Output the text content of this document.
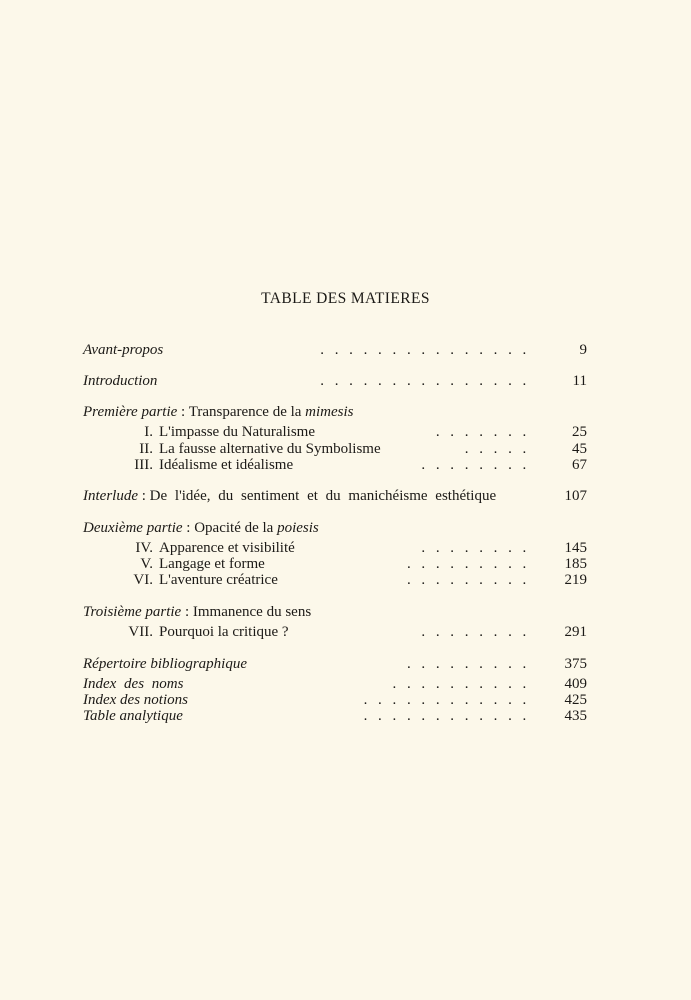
TABLE DES MATIERES
Avant-propos	...............	9
Introduction	............... 11
Première partie : Transparence de la mimesis
I. L'impasse du Naturalisme	....... 25
II. La fausse alternative du Symbolisme	..... 45
III. Idéalisme et idéalisme	........ 67
Interlude : De l'idée, du sentiment et du manichéisme esthétique	107
Deuxième partie : Opacité de la poiesis
IV. Apparence et visibilité	........ 145
V. Langage et forme	......... 185
VI. L'aventure créatrice	......... 219
Troisième partie : Immanence du sens
VII. Pourquoi la critique ?	........ 291
Répertoire bibliographique	......... 375
Index des noms	.......... 409
Index des notions	............ 425
Table analytique	............ 435
